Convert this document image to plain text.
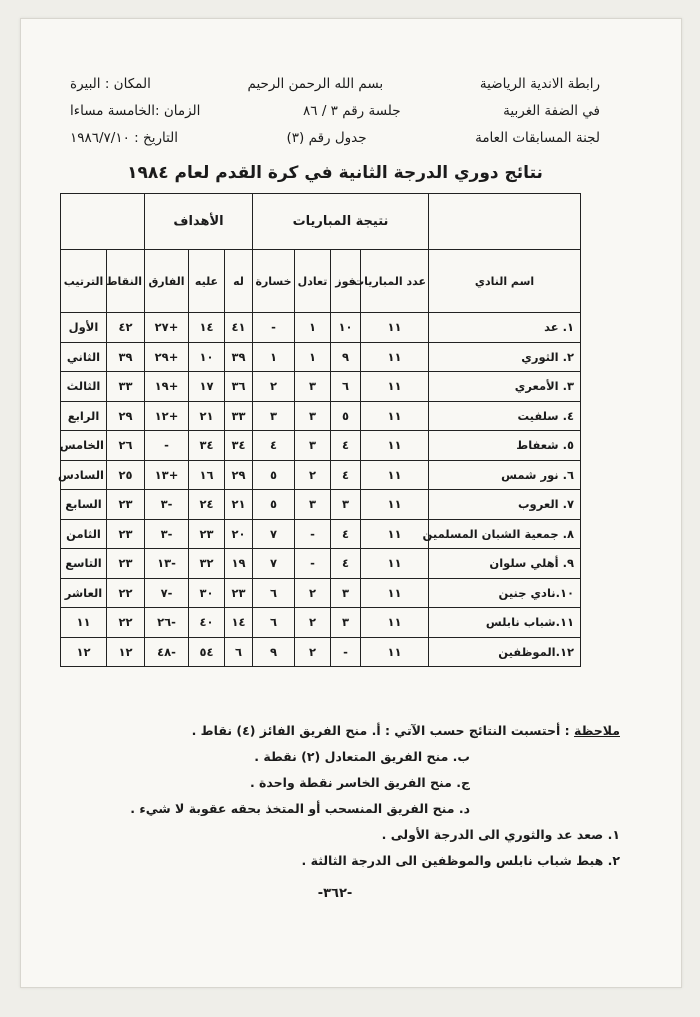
رابطة الاندية الرياضية
بسم الله الرحمن الرحيم
المكان : البيرة
في الضفة الغربية
جلسة رقم ٣ / ٨٦
الزمان :الخامسة مساءا
لجنة المسابقات العامة
جدول رقم (٣)
التاريخ : ١٩٨٦/٧/١٠
نتائج دوري الدرجة الثانية في كرة القدم لعام ١٩٨٤
	نتيجة المباريات				الأهداف				
اسم النادي	عدد المباريات	فوز	تعادل	خسارة	له	عليه	الفارق	النقاط	الترتيب
١. عد	١١	١٠	١	-	٤١	١٤	+٢٧	٤٢	الأول
٢. الثوري	١١	٩	١	١	٣٩	١٠	+٢٩	٣٩	الثاني
٣. الأمعري	١١	٦	٣	٢	٣٦	١٧	+١٩	٣٣	الثالث
٤. سلفيت	١١	٥	٣	٣	٣٣	٢١	+١٢	٢٩	الرابع
٥. شعفاط	١١	٤	٣	٤	٣٤	٣٤	-	٢٦	الخامس
٦. نور شمس	١١	٤	٢	٥	٢٩	١٦	+١٣	٢٥	السادس
٧. العروب	١١	٣	٣	٥	٢١	٢٤	-٣	٢٣	السابع
٨. جمعية الشبان المسلمين	١١	٤	-	٧	٢٠	٢٣	-٣	٢٣	الثامن
٩. أهلي سلوان	١١	٤	-	٧	١٩	٣٢	-١٣	٢٣	التاسع
١٠.نادي جنين	١١	٣	٢	٦	٢٣	٣٠	-٧	٢٢	العاشر
١١.شباب نابلس	١١	٣	٢	٦	١٤	٤٠	-٢٦	٢٢	١١
١٢.الموظفين	١١	-	٢	٩	٦	٥٤	-٤٨	١٢	١٢

ملاحظة : أحتسبت النتائج حسب الآتي : أ. منح الفريق الفائز (٤) نقاط .

ب. منح الفريق المتعادل (٢) نقطة .

ج. منح الفريق الخاسر نقطة واحدة .

د. منح الفريق المنسحب أو المتخذ بحقه عقوبة لا شيء .

١. صعد عد والثوري الى الدرجة الأولى .

٢. هبط شباب نابلس والموظفين الى الدرجة الثالثة .

-٣٦٢-
